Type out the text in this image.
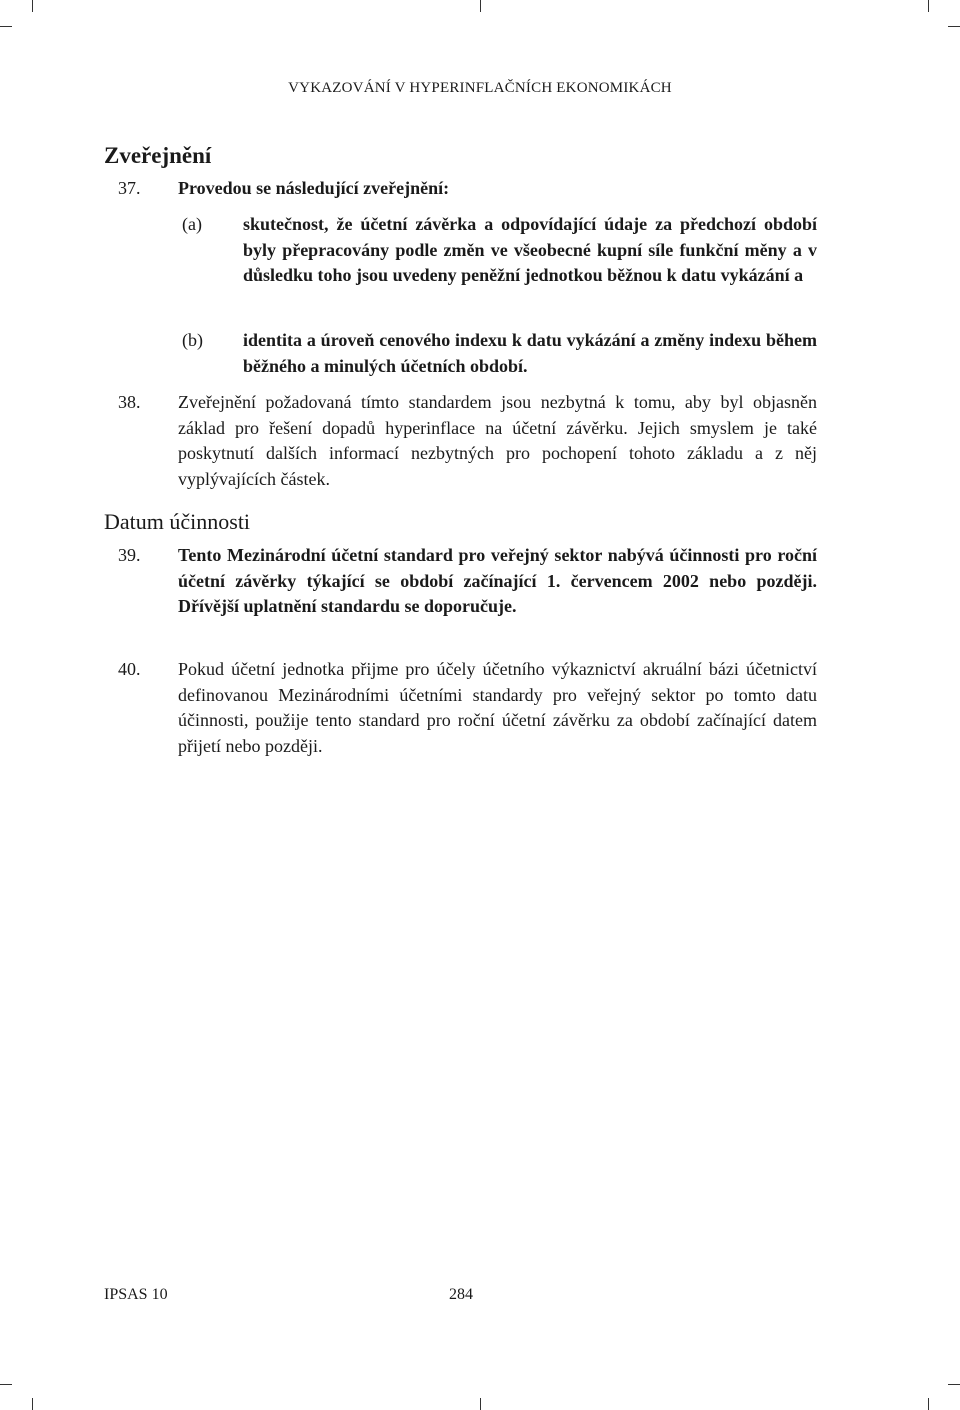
VYKAZOVÁNÍ V HYPERINFLAČNÍCH EKONOMIKÁCH
Zveřejnění
37. Provedou se následující zveřejnění:
(a) skutečnost, že účetní závěrka a odpovídající údaje za předchozí období byly přepracovány podle změn ve všeobecné kupní síle funkční měny a v důsledku toho jsou uvedeny peněžní jednotkou běžnou k datu vykázání a
(b) identita a úroveň cenového indexu k datu vykázání a změny indexu během běžného a minulých účetních období.
38. Zveřejnění požadovaná tímto standardem jsou nezbytná k tomu, aby byl objasněn základ pro řešení dopadů hyperinflace na účetní závěrku. Jejich smyslem je také poskytnutí dalších informací nezbytných pro pochopení tohoto základu a z něj vyplývajících částek.
Datum účinnosti
39. Tento Mezinárodní účetní standard pro veřejný sektor nabývá účinnosti pro roční účetní závěrky týkající se období začínající 1. červencem 2002 nebo později. Dřívější uplatnění standardu se doporučuje.
40. Pokud účetní jednotka přijme pro účely účetního výkaznictví akruální bázi účetnictví definovanou Mezinárodními účetními standardy pro veřejný sektor po tomto datu účinnosti, použije tento standard pro roční účetní závěrku za období začínající datem přijetí nebo později.
IPSAS 10	284
